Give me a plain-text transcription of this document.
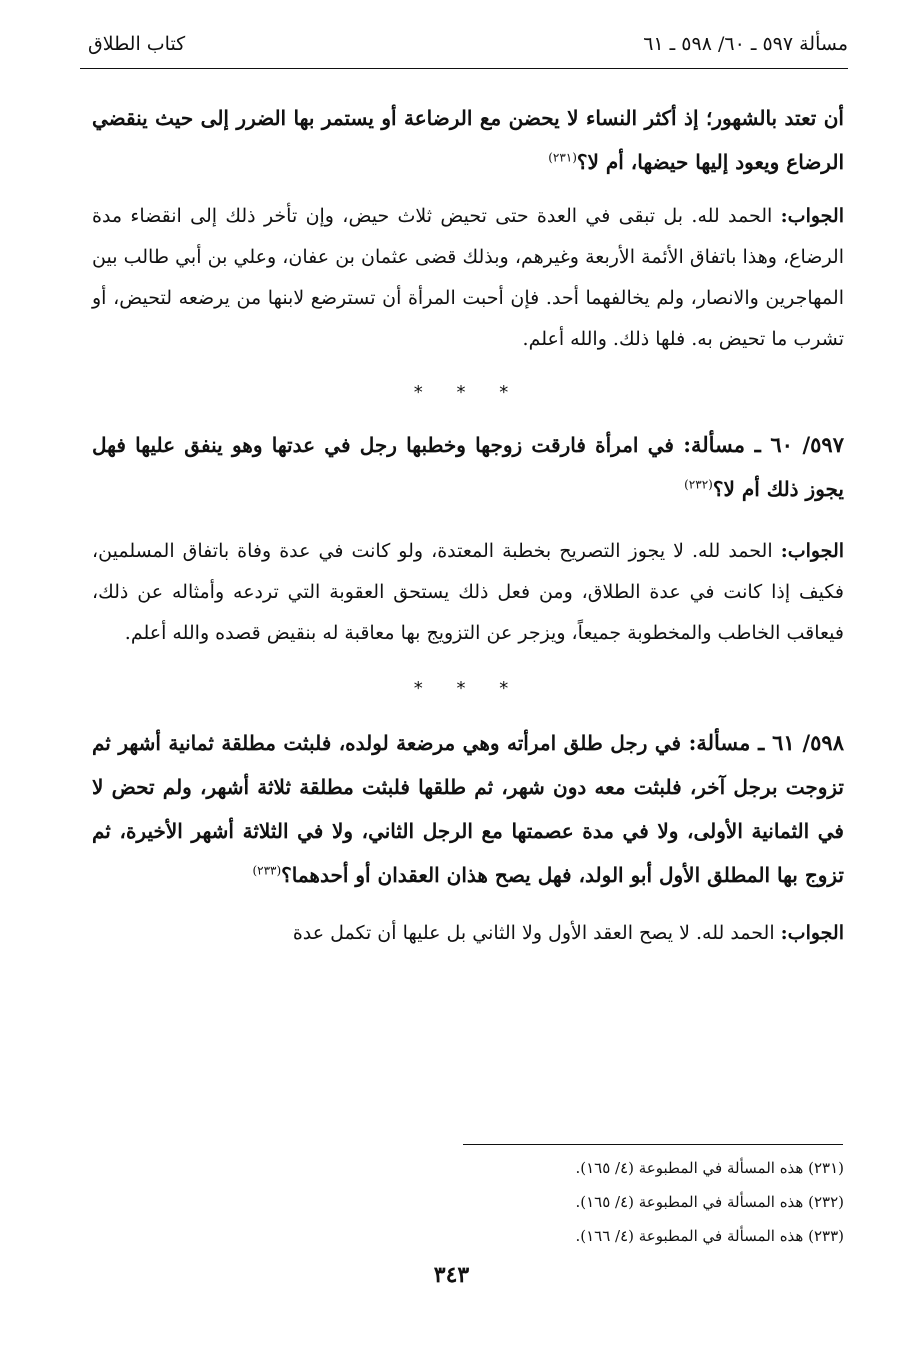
مسألة ٥٩٧ ـ ٦٠/ ٥٩٨ ـ ٦١
كتاب الطلاق

أن تعتد بالشهور؛ إذ أكثر النساء لا يحضن مع الرضاعة أو يستمر بها الضرر إلى حيث ينقضي الرضاع ويعود إليها حيضها، أم لا؟$^{(٢٣١)}$

الجواب: الحمد لله. بل تبقى في العدة حتى تحيض ثلاث حيض، وإن تأخر ذلك إلى انقضاء مدة الرضاع، وهذا باتفاق الأئمة الأربعة وغيرهم، وبذلك قضى عثمان بن عفان، وعلي بن أبي طالب بين المهاجرين والانصار، ولم يخالفهما أحد. فإن أحبت المرأة أن تسترضع لابنها من يرضعه لتحيض، أو تشرب ما تحيض به. فلها ذلك. والله أعلم.

* * *

٥٩٧/ ٦٠ ـ مسألة: في امرأة فارقت زوجها وخطبها رجل في عدتها وهو ينفق عليها فهل يجوز ذلك أم لا؟$^{(٢٣٢)}$

الجواب: الحمد لله. لا يجوز التصريح بخطبة المعتدة، ولو كانت في عدة وفاة باتفاق المسلمين، فكيف إذا كانت في عدة الطلاق، ومن فعل ذلك يستحق العقوبة التي تردعه وأمثاله عن ذلك، فيعاقب الخاطب والمخطوبة جميعاً، ويزجر عن التزويج بها معاقبة له بنقيض قصده والله أعلم.

* * *

٥٩٨/ ٦١ ـ مسألة: في رجل طلق امرأته وهي مرضعة لولده، فلبثت مطلقة ثمانية أشهر ثم تزوجت برجل آخر، فلبثت معه دون شهر، ثم طلقها فلبثت مطلقة ثلاثة أشهر، ولم تحض لا في الثمانية الأولى، ولا في مدة عصمتها مع الرجل الثاني، ولا في الثلاثة أشهر الأخيرة، ثم تزوج بها المطلق الأول أبو الولد، فهل يصح هذان العقدان أو أحدهما؟$^{(٢٣٣)}$

الجواب: الحمد لله. لا يصح العقد الأول ولا الثاني بل عليها أن تكمل عدة

(٢٣١) هذه المسألة في المطبوعة (٤/ ١٦٥).
(٢٣٢) هذه المسألة في المطبوعة (٤/ ١٦٥).
(٢٣٣) هذه المسألة في المطبوعة (٤/ ١٦٦).
٣٤٣
